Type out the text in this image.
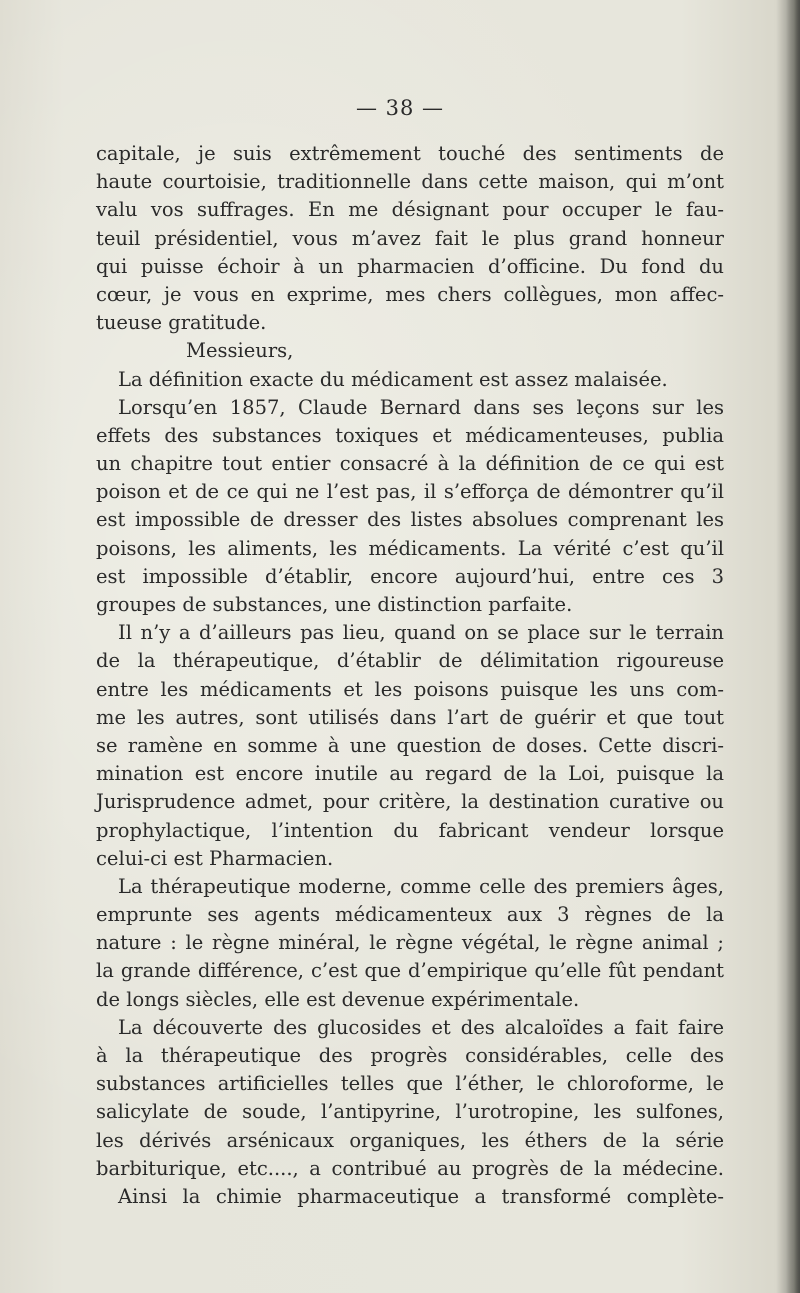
— 38 —
capitale, je suis extrêmement touché des sentiments de
haute courtoisie, traditionnelle dans cette maison, qui m’ont
valu vos suffrages. En me désignant pour occuper le fau-
teuil présidentiel, vous m’avez fait le plus grand honneur
qui puisse échoir à un pharmacien d’officine. Du fond du
cœur, je vous en exprime, mes chers collègues, mon affec-
tueuse gratitude.
Messieurs,
La définition exacte du médicament est assez malaisée.
Lorsqu’en 1857, Claude Bernard dans ses leçons sur les
effets des substances toxiques et médicamenteuses, publia
un chapitre tout entier consacré à la définition de ce qui est
poison et de ce qui ne l’est pas, il s’efforça de démontrer qu’il
est impossible de dresser des listes absolues comprenant les
poisons, les aliments, les médicaments. La vérité c’est qu’il
est impossible d’établir, encore aujourd’hui, entre ces 3
groupes de substances, une distinction parfaite.
Il n’y a d’ailleurs pas lieu, quand on se place sur le terrain
de la thérapeutique, d’établir de délimitation rigoureuse
entre les médicaments et les poisons puisque les uns com-
me les autres, sont utilisés dans l’art de guérir et que tout
se ramène en somme à une question de doses. Cette discri-
mination est encore inutile au regard de la Loi, puisque la
Jurisprudence admet, pour critère, la destination curative ou
prophylactique, l’intention du fabricant vendeur lorsque
celui-ci est Pharmacien.
La thérapeutique moderne, comme celle des premiers âges,
emprunte ses agents médicamenteux aux 3 règnes de la
nature : le règne minéral, le règne végétal, le règne animal ;
la grande différence, c’est que d’empirique qu’elle fût pendant
de longs siècles, elle est devenue expérimentale.
La découverte des glucosides et des alcaloïdes a fait faire
à la thérapeutique des progrès considérables, celle des
substances artificielles telles que l’éther, le chloroforme, le
salicylate de soude, l’antipyrine, l’urotropine, les sulfones,
les dérivés arsénicaux organiques, les éthers de la série
barbiturique, etc...., a contribué au progrès de la médecine.
Ainsi la chimie pharmaceutique a transformé complète-
